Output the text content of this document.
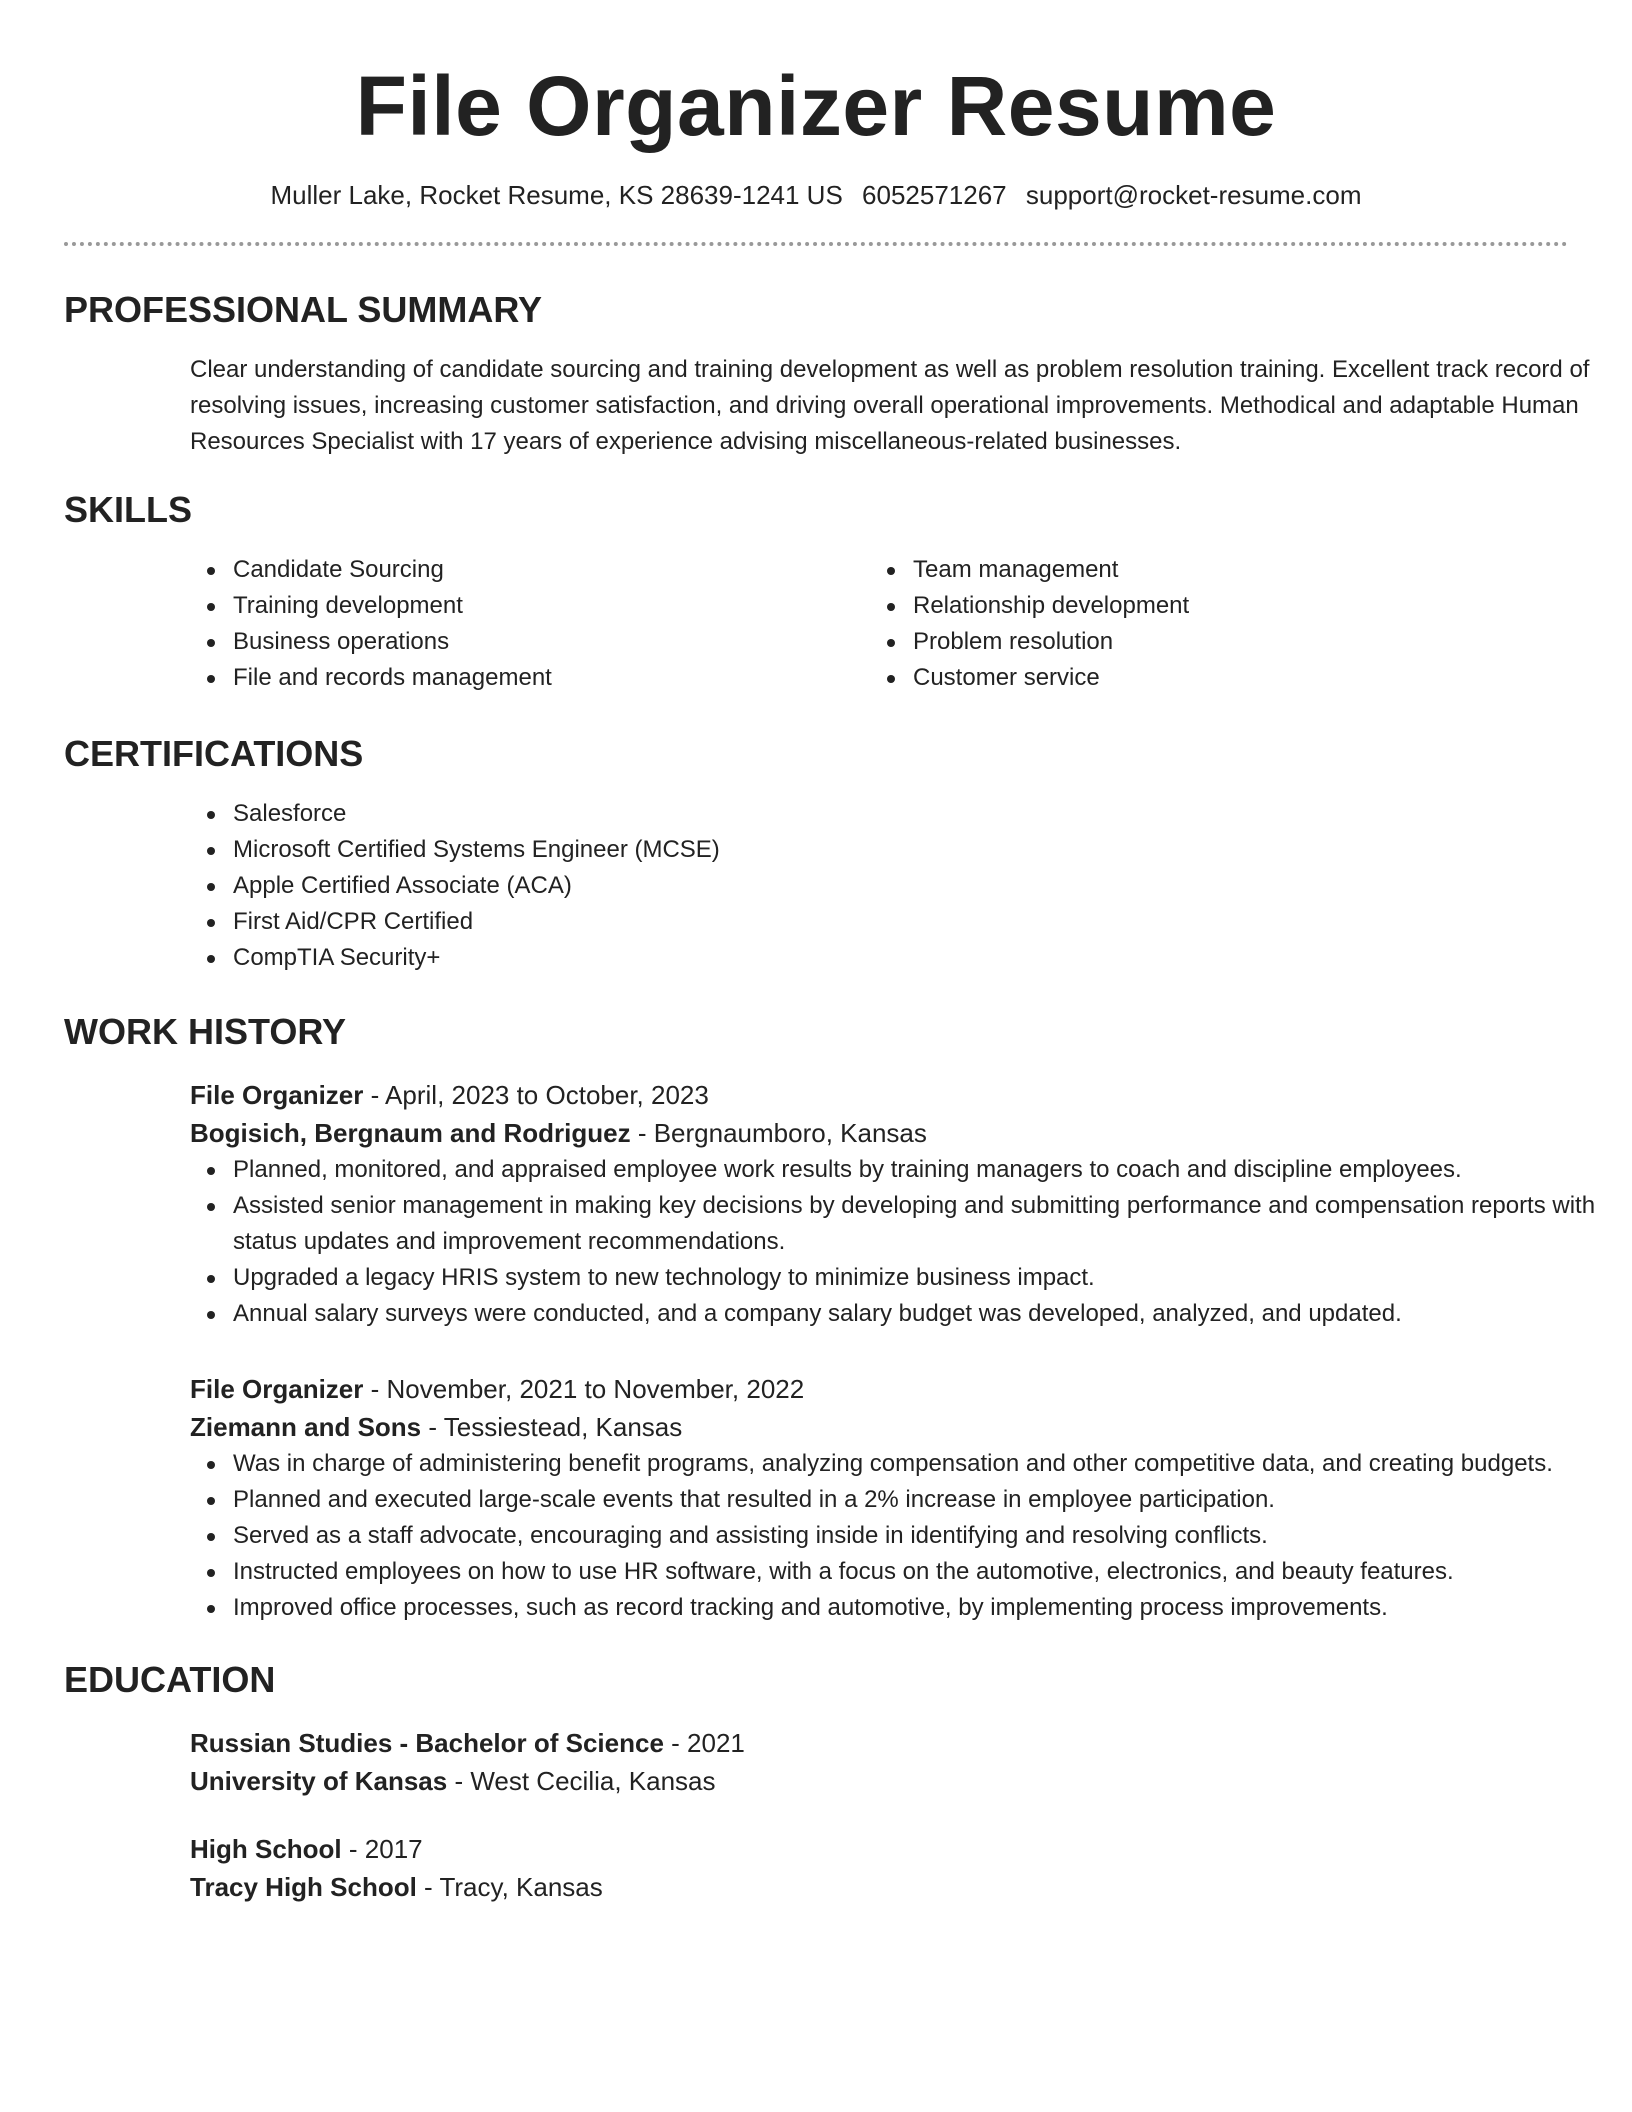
File Organizer Resume
Muller Lake, Rocket Resume, KS 28639-1241 US 6052571267 support@rocket-resume.com
PROFESSIONAL SUMMARY
Clear understanding of candidate sourcing and training development as well as problem resolution training. Excellent track record of resolving issues, increasing customer satisfaction, and driving overall operational improvements. Methodical and adaptable Human Resources Specialist with 17 years of experience advising miscellaneous-related businesses.
SKILLS
Candidate Sourcing
Training development
Business operations
File and records management
Team management
Relationship development
Problem resolution
Customer service
CERTIFICATIONS
Salesforce
Microsoft Certified Systems Engineer (MCSE)
Apple Certified Associate (ACA)
First Aid/CPR Certified
CompTIA Security+
WORK HISTORY
File Organizer - April, 2023 to October, 2023
Bogisich, Bergnaum and Rodriguez - Bergnaumboro, Kansas
Planned, monitored, and appraised employee work results by training managers to coach and discipline employees.
Assisted senior management in making key decisions by developing and submitting performance and compensation reports with status updates and improvement recommendations.
Upgraded a legacy HRIS system to new technology to minimize business impact.
Annual salary surveys were conducted, and a company salary budget was developed, analyzed, and updated.
File Organizer - November, 2021 to November, 2022
Ziemann and Sons - Tessiestead, Kansas
Was in charge of administering benefit programs, analyzing compensation and other competitive data, and creating budgets.
Planned and executed large-scale events that resulted in a 2% increase in employee participation.
Served as a staff advocate, encouraging and assisting inside in identifying and resolving conflicts.
Instructed employees on how to use HR software, with a focus on the automotive, electronics, and beauty features.
Improved office processes, such as record tracking and automotive, by implementing process improvements.
EDUCATION
Russian Studies - Bachelor of Science - 2021
University of Kansas - West Cecilia, Kansas
High School - 2017
Tracy High School - Tracy, Kansas
